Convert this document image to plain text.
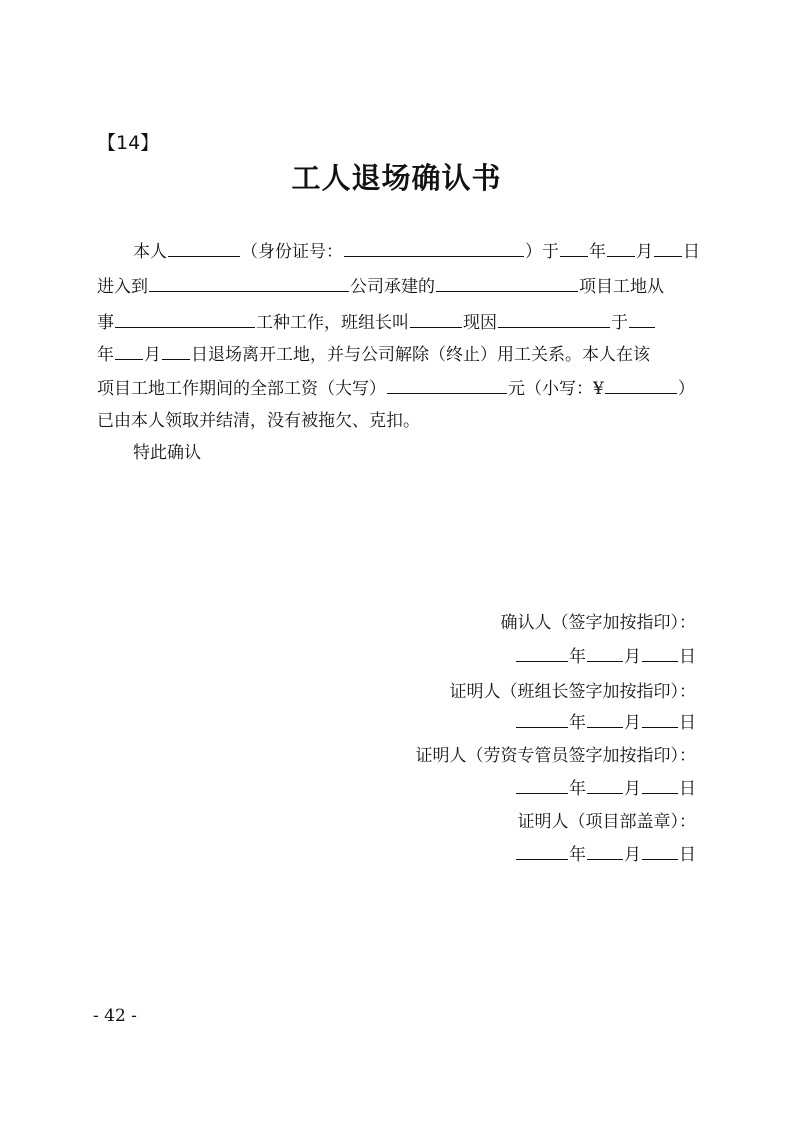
【14】
工人退场确认书
本人	（身份证号：	）于 年 月 日
进入到	公司承建的	项目工地从
事	工种工作，班组长叫	现因	于
年 月 日退场离开工地，并与公司解除（终止）用工关系。本人在该
项目工地工作期间的全部工资（大写）	元（小写：¥	）
已由本人领取并结清，没有被拖欠、克扣。
特此确认
确认人（签字加按指印）：
年 月 日
证明人（班组长签字加按指印）：
年 月 日
证明人（劳资专管员签字加按指印）：
年 月 日
证明人（项目部盖章）：
年 月 日
- 42 -
